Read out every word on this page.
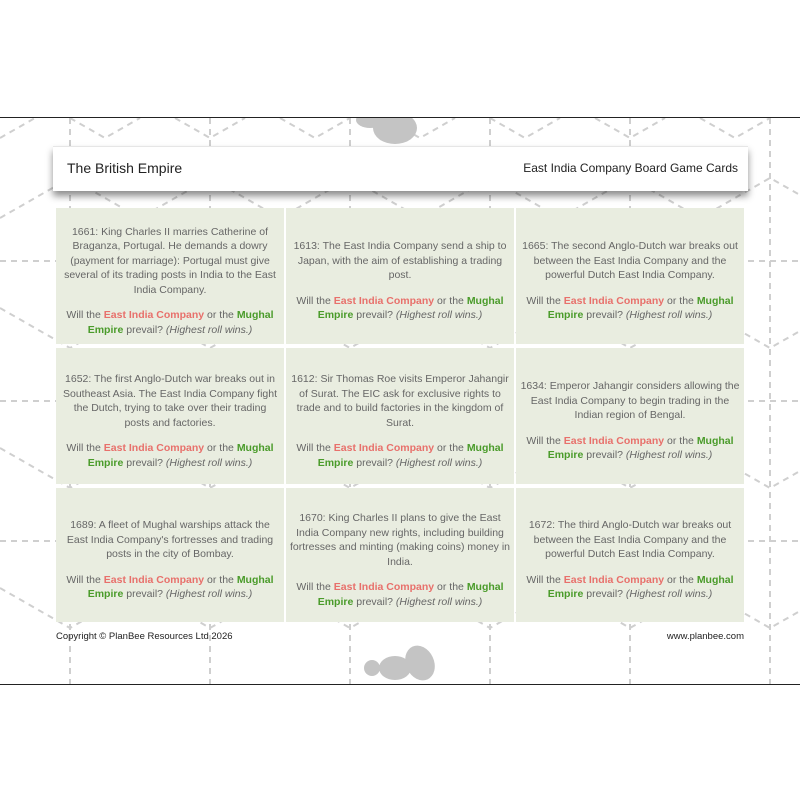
The British Empire	East India Company Board Game Cards
1661: King Charles II marries Catherine of Braganza, Portugal. He demands a dowry (payment for marriage): Portugal must give several of its trading posts in India to the East India Company.
Will the East India Company or the Mughal Empire prevail? (Highest roll wins.)
1613: The East India Company send a ship to Japan, with the aim of establishing a trading post.
Will the East India Company or the Mughal Empire prevail? (Highest roll wins.)
1665: The second Anglo-Dutch war breaks out between the East India Company and the powerful Dutch East India Company.
Will the East India Company or the Mughal Empire prevail? (Highest roll wins.)
1652: The first Anglo-Dutch war breaks out in Southeast Asia. The East India Company fight the Dutch, trying to take over their trading posts and factories.
Will the East India Company or the Mughal Empire prevail? (Highest roll wins.)
1612: Sir Thomas Roe visits Emperor Jahangir of Surat. The EIC ask for exclusive rights to trade and to build factories in the kingdom of Surat.
Will the East India Company or the Mughal Empire prevail? (Highest roll wins.)
1634: Emperor Jahangir considers allowing the East India Company to begin trading in the Indian region of Bengal.
Will the East India Company or the Mughal Empire prevail? (Highest roll wins.)
1689: A fleet of Mughal warships attack the East India Company's fortresses and trading posts in the city of Bombay.
Will the East India Company or the Mughal Empire prevail? (Highest roll wins.)
1670: King Charles II plans to give the East India Company new rights, including building fortresses and minting (making coins) money in India.
Will the East India Company or the Mughal Empire prevail? (Highest roll wins.)
1672: The third Anglo-Dutch war breaks out between the East India Company and the powerful Dutch East India Company.
Will the East India Company or the Mughal Empire prevail? (Highest roll wins.)
Copyright © PlanBee Resources Ltd 2026	www.planbee.com
